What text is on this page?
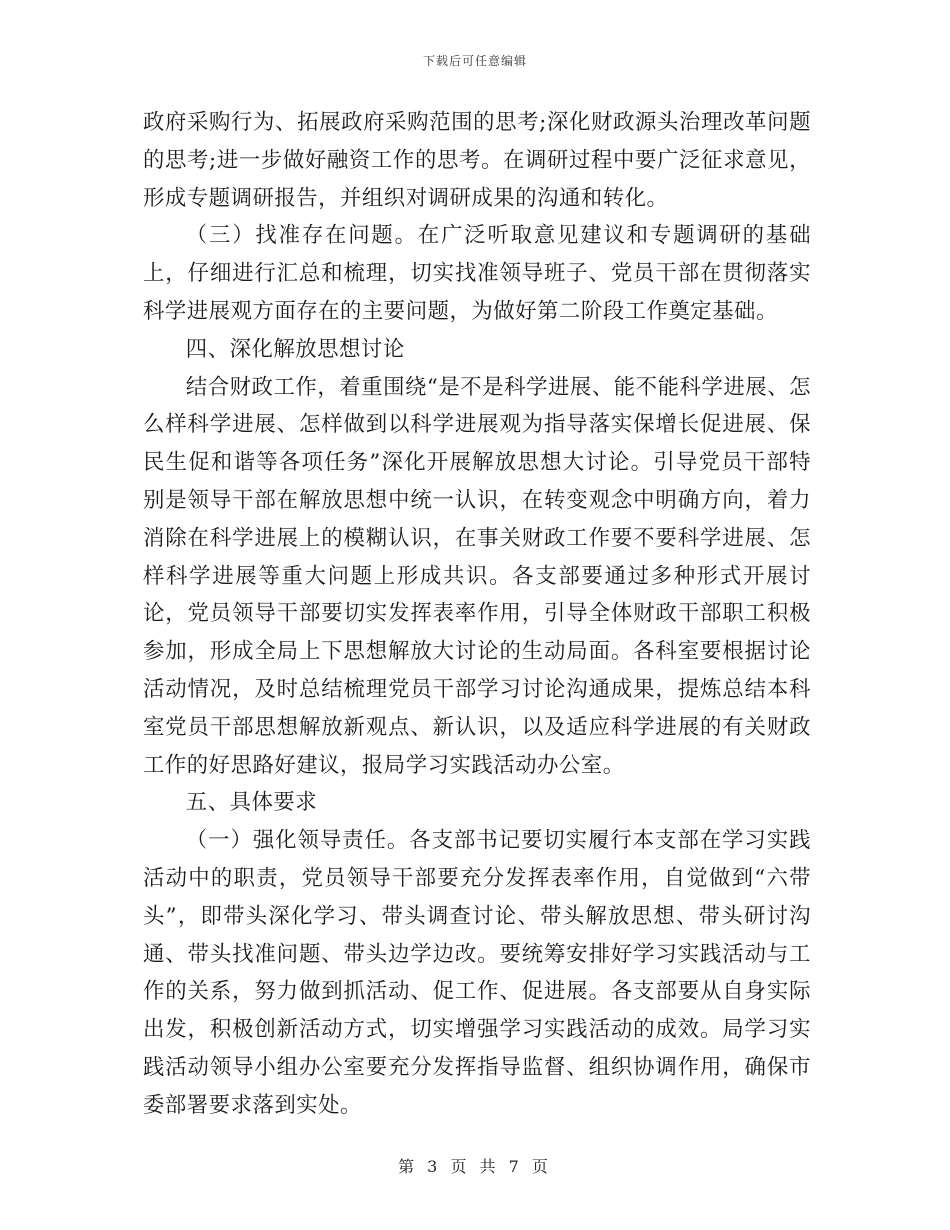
下载后可任意编辑

政府采购行为、拓展政府采购范围的思考;深化财政源头治理改革问题的思考;进一步做好融资工作的思考。在调研过程中要广泛征求意见，形成专题调研报告，并组织对调研成果的沟通和转化。

（三）找准存在问题。在广泛听取意见建议和专题调研的基础上，仔细进行汇总和梳理，切实找准领导班子、党员干部在贯彻落实科学进展观方面存在的主要问题，为做好第二阶段工作奠定基础。

四、深化解放思想讨论

结合财政工作，着重围绕“是不是科学进展、能不能科学进展、怎么样科学进展、怎样做到以科学进展观为指导落实保增长促进展、保民生促和谐等各项任务”深化开展解放思想大讨论。引导党员干部特别是领导干部在解放思想中统一认识，在转变观念中明确方向，着力消除在科学进展上的模糊认识，在事关财政工作要不要科学进展、怎样科学进展等重大问题上形成共识。各支部要通过多种形式开展讨论，党员领导干部要切实发挥表率作用，引导全体财政干部职工积极参加，形成全局上下思想解放大讨论的生动局面。各科室要根据讨论活动情况，及时总结梳理党员干部学习讨论沟通成果，提炼总结本科室党员干部思想解放新观点、新认识，以及适应科学进展的有关财政工作的好思路好建议，报局学习实践活动办公室。

五、具体要求

（一）强化领导责任。各支部书记要切实履行本支部在学习实践活动中的职责，党员领导干部要充分发挥表率作用，自觉做到“六带头”，即带头深化学习、带头调查讨论、带头解放思想、带头研讨沟通、带头找准问题、带头边学边改。要统筹安排好学习实践活动与工作的关系，努力做到抓活动、促工作、促进展。各支部要从自身实际出发，积极创新活动方式，切实增强学习实践活动的成效。局学习实践活动领导小组办公室要充分发挥指导监督、组织协调作用，确保市委部署要求落到实处。

第 3 页 共 7 页
